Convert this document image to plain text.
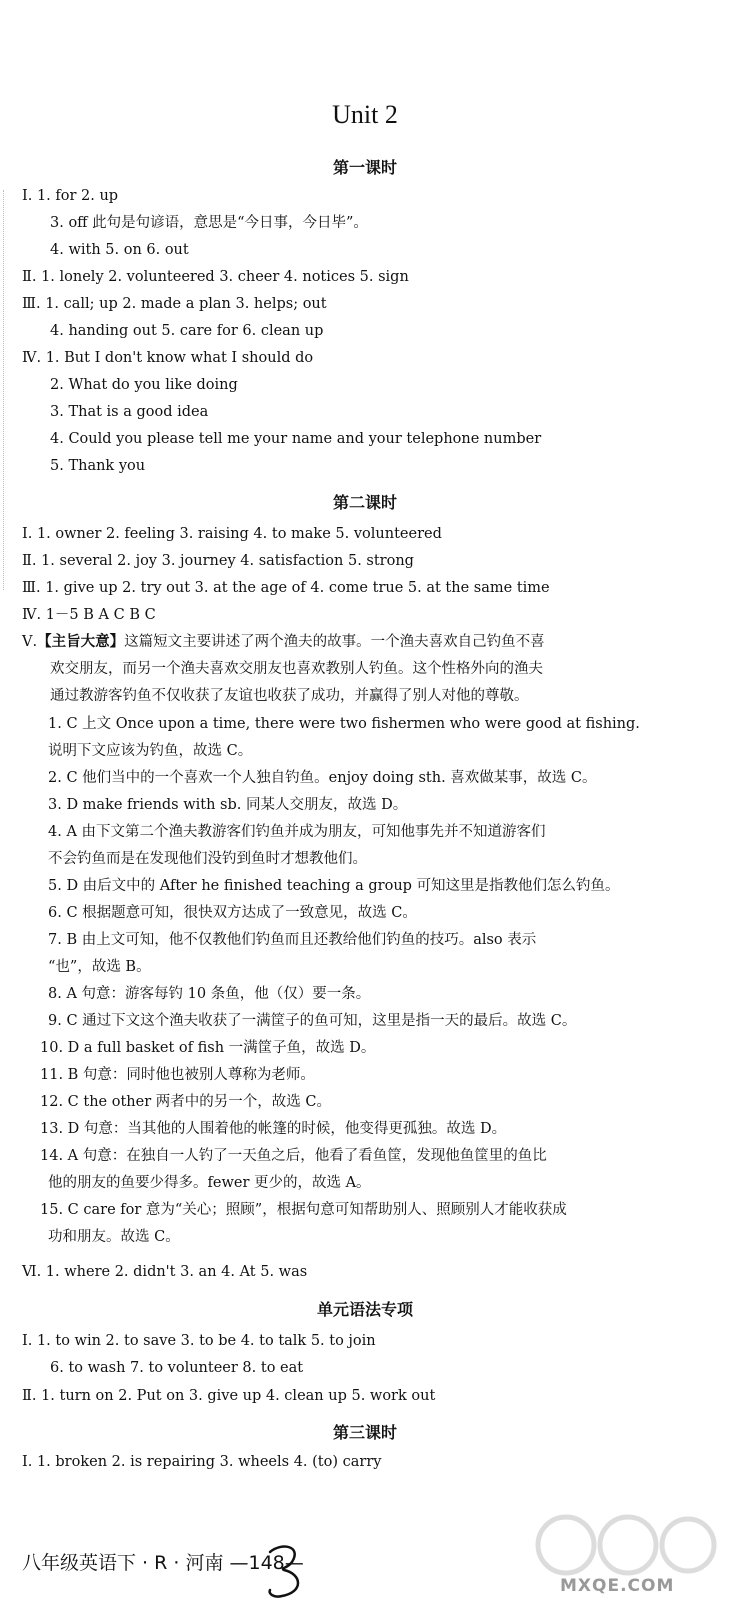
Unit 2
第一课时
Ⅰ. 1. for 2. up
3. off 此句是句谚语，意思是“今日事，今日毕”。
4. with 5. on 6. out
Ⅱ. 1. lonely 2. volunteered 3. cheer 4. notices 5. sign
Ⅲ. 1. call; up 2. made a plan 3. helps; out
4. handing out 5. care for 6. clean up
Ⅳ. 1. But I don't know what I should do
2. What do you like doing
3. That is a good idea
4. Could you please tell me your name and your telephone number
5. Thank you
第二课时
Ⅰ. 1. owner 2. feeling 3. raising 4. to make 5. volunteered
Ⅱ. 1. several 2. joy 3. journey 4. satisfaction 5. strong
Ⅲ. 1. give up 2. try out 3. at the age of 4. come true 5. at the same time
Ⅳ. 1－5 B A C B C
Ⅴ.【主旨大意】这篇短文主要讲述了两个渔夫的故事。一个渔夫喜欢自己钓鱼不喜
欢交朋友，而另一个渔夫喜欢交朋友也喜欢教别人钓鱼。这个性格外向的渔夫
通过教游客钓鱼不仅收获了友谊也收获了成功，并赢得了别人对他的尊敬。
1. C 上文 Once upon a time, there were two fishermen who were good at fishing.
说明下文应该为钓鱼，故选 C。
2. C 他们当中的一个喜欢一个人独自钓鱼。enjoy doing sth. 喜欢做某事，故选 C。
3. D make friends with sb. 同某人交朋友，故选 D。
4. A 由下文第二个渔夫教游客们钓鱼并成为朋友，可知他事先并不知道游客们
不会钓鱼而是在发现他们没钓到鱼时才想教他们。
5. D 由后文中的 After he finished teaching a group 可知这里是指教他们怎么钓鱼。
6. C 根据题意可知，很快双方达成了一致意见，故选 C。
7. B 由上文可知，他不仅教他们钓鱼而且还教给他们钓鱼的技巧。also 表示
“也”，故选 B。
8. A 句意：游客每钓 10 条鱼，他（仅）要一条。
9. C 通过下文这个渔夫收获了一满筐子的鱼可知，这里是指一天的最后。故选 C。
10. D a full basket of fish 一满筐子鱼，故选 D。
11. B 句意：同时他也被别人尊称为老师。
12. C the other 两者中的另一个，故选 C。
13. D 句意：当其他的人围着他的帐篷的时候，他变得更孤独。故选 D。
14. A 句意：在独自一人钓了一天鱼之后，他看了看鱼筐，发现他鱼筐里的鱼比
他的朋友的鱼要少得多。fewer 更少的，故选 A。
15. C care for 意为“关心；照顾”，根据句意可知帮助别人、照顾别人才能收获成
功和朋友。故选 C。
Ⅵ. 1. where 2. didn't 3. an 4. At 5. was
单元语法专项
Ⅰ. 1. to win 2. to save 3. to be 4. to talk 5. to join
6. to wash 7. to volunteer 8. to eat
Ⅱ. 1. turn on 2. Put on 3. give up 4. clean up 5. work out
第三课时
Ⅰ. 1. broken 2. is repairing 3. wheels 4. (to) carry
八年级英语下 · R · 河南 —148—
MXQE.COM
